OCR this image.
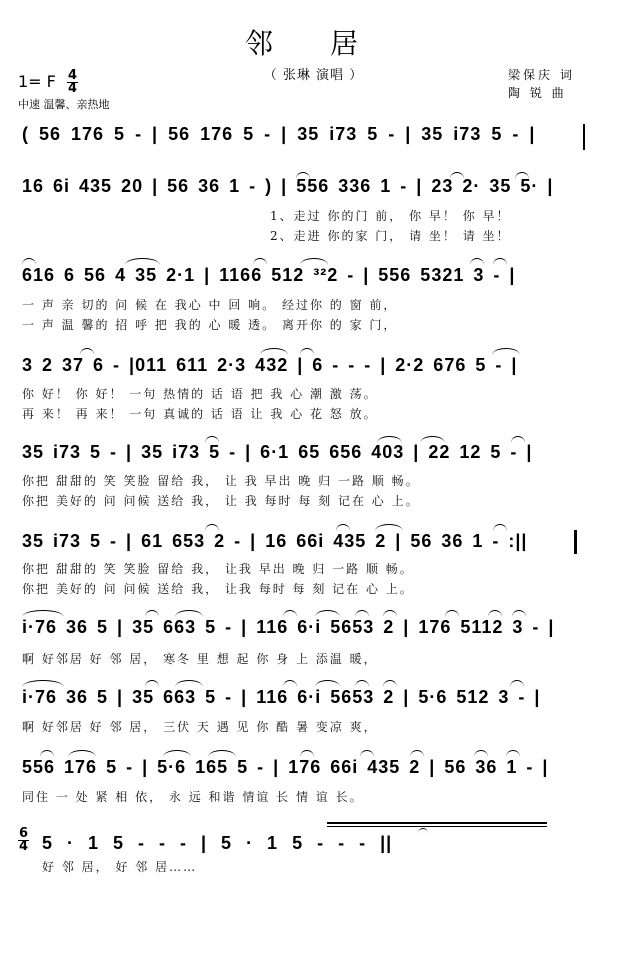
邻 居
（ 张琳 演唱 ）	梁保庆 词
陶 锐 曲
1= F $\frac{4}{4}$
中速 温馨、亲热地
( 56 176 5 - | 56 176 5 - | 35 i73 5 - | 35 i73 5 - |
16 6i 435 20 | 56 36 1 - ) | 556 336 1 - | 23 2· 35 5· |
1、走过 你的门 前， 你 早！ 你 早！
2、走进 你的家 门， 请 坐！ 请 坐！
616 6 56 4 35 2·1 | 1166 512 ³²2 - | 556 5321 3 - |
一 声 亲 切的 问 候 在 我心 中 回 响。 经过你 的 窗 前，
一 声 温 馨的 招 呼 把 我的 心 暖 透。 离开你 的 家 门，
3 2 37 6 - |011 611 2·3 432 | 6 - - - | 2·2 676 5 - |
你 好！ 你 好！ 一句 热情的 话 语 把 我 心 潮 激 荡。
再 来！ 再 来！ 一句 真诚的 话 语 让 我 心 花 怒 放。
35 i73 5 - | 35 i73 5 - | 6·1 65 656 403 | 22 12 5 - |
你把 甜甜的 笑 笑脸 留给 我， 让 我 早出 晚 归 一路 顺 畅。
你把 美好的 问 问候 送给 我， 让 我 每时 每 刻 记在 心 上。
35 i73 5 - | 61 653 2 - | 16 66i 435 2 | 56 36 1 - :||
你把 甜甜的 笑 笑脸 留给 我， 让我 早出 晚 归 一路 顺 畅。
你把 美好的 问 问候 送给 我， 让我 每时 每 刻 记在 心 上。
i·76 36 5 | 35 663 5 - | 116 6·i 5653 2 | 176 5112 3 - |
啊 好邻居 好 邻 居， 寒冬 里 想 起 你 身 上 添温 暖，
i·76 36 5 | 35 663 5 - | 116 6·i 5653 2 | 5·6 512 3 - |
啊 好邻居 好 邻 居， 三伏 天 遇 见 你 酷 暑 变凉 爽，
556 176 5 - | 5·6 165 5 - | 176 66i 435 2 | 56 36 1 - |
同住 一 处 紧 相 依， 永 远 和谐 情谊 长 情 谊 长。
$\frac{6}{4} 5 \cdot 1$ 5 - - - | 5 · 1 5 - - - ||
好 邻 居， 好 邻 居……
